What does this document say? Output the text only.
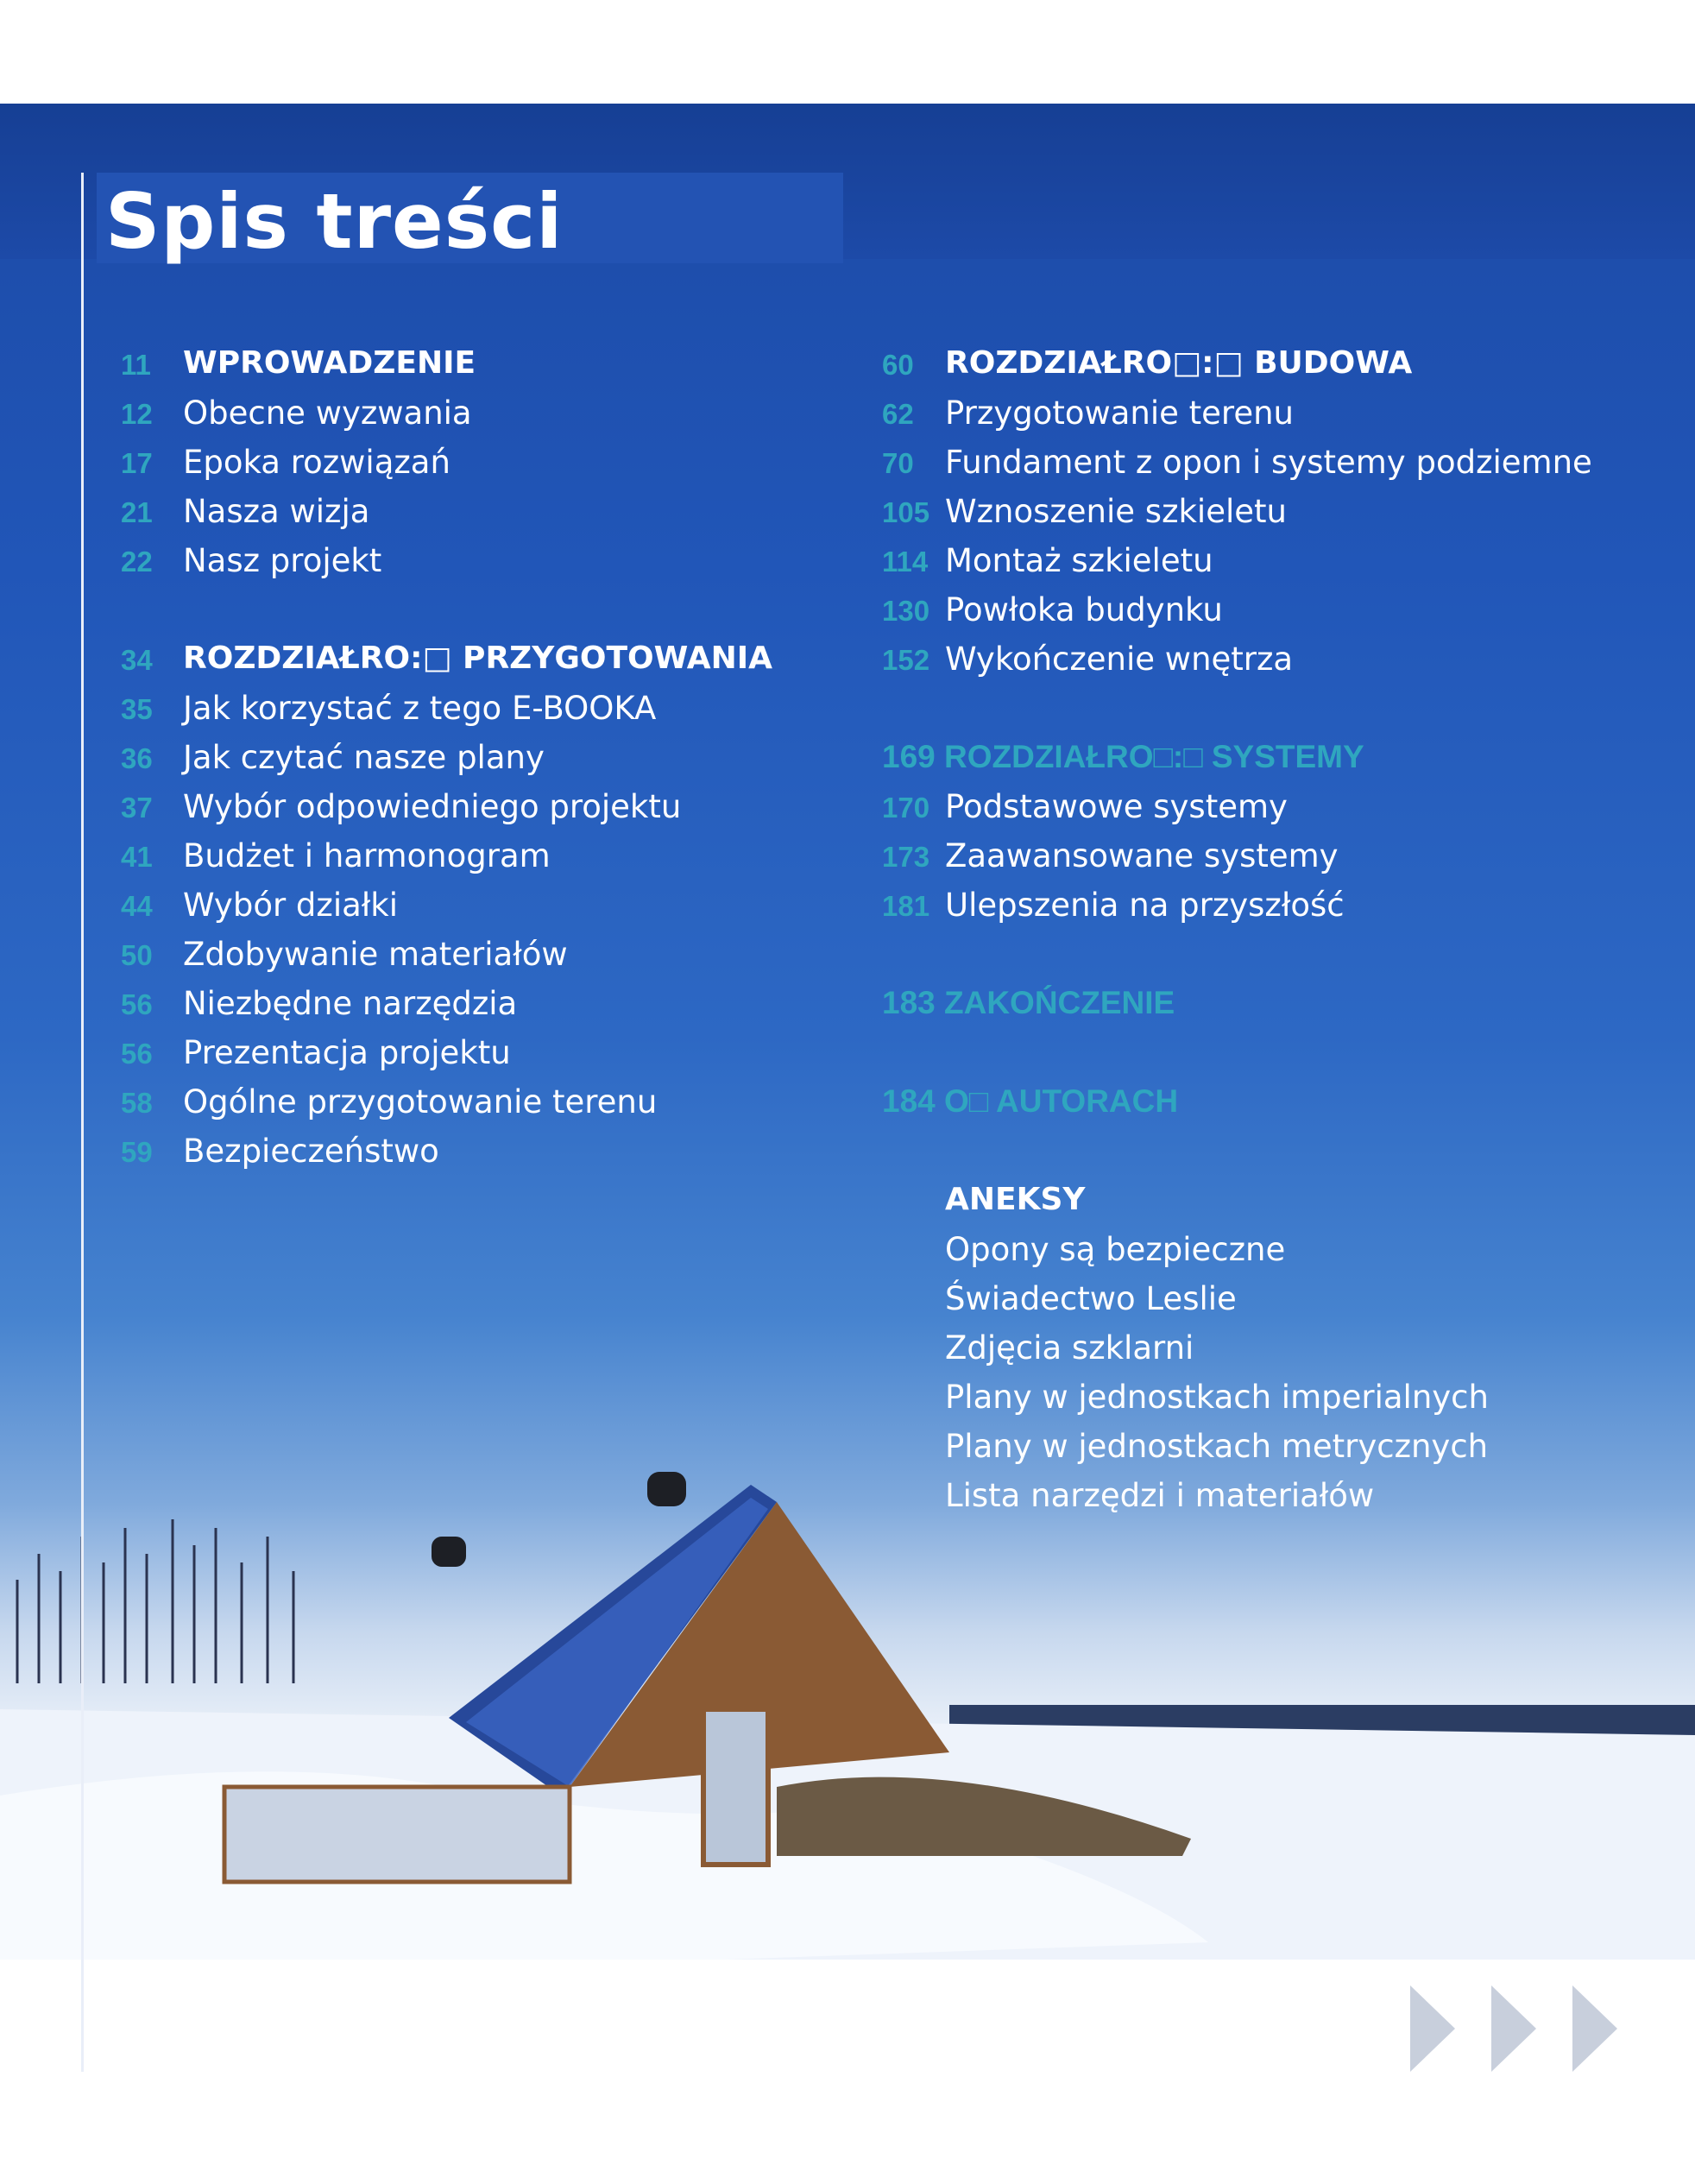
Spis treści
11 WPROWADZENIE
12 Obecne wyzwania
17 Epoka rozwiązań
21 Nasza wizja
22 Nasz projekt
34 ROZDZIAŁRO:□ PRZYGOTOWANIA
35 Jak korzystać z tego E-BOOKA
36 Jak czytać nasze plany
37 Wybór odpowiedniego projektu
41 Budżet i harmonogram
44 Wybór działki
50 Zdobywanie materiałów
56 Niezbędne narzędzia
56 Prezentacja projektu
58 Ogólne przygotowanie terenu
59 Bezpieczeństwo
60 ROZDZIAŁRO□:□ BUDOWA
62 Przygotowanie terenu
70 Fundament z opon i systemy podziemne
105 Wznoszenie szkieletu
114 Montaż szkieletu
130 Powłoka budynku
152 Wykończenie wnętrza
169 ROZDZIAŁRO□:□ SYSTEMY
170 Podstawowe systemy
173 Zaawansowane systemy
181 Ulepszenia na przyszłość
183 ZAKOŃCZENIE
184 O□ AUTORACH
ANEKSY
Opony są bezpieczne
Świadectwo Leslie
Zdjęcia szklarni
Plany w jednostkach imperialnych
Plany w jednostkach metrycznych
Lista narzędzi i materiałów
